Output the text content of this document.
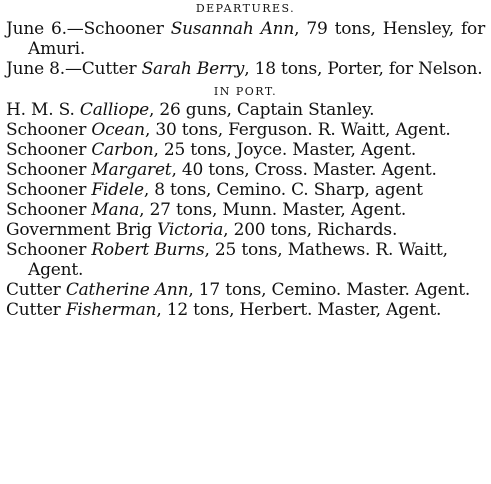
DEPARTURES.

June 6.—Schooner Susannah Ann, 79 tons, Hensley, for Amuri.

June 8.—Cutter Sarah Berry, 18 tons, Porter, for Nelson.

IN PORT.

H. M. S. Calliope, 26 guns, Captain Stanley.

Schooner Ocean, 30 tons, Ferguson. R. Waitt, Agent.

Schooner Carbon, 25 tons, Joyce. Master, Agent.

Schooner Margaret, 40 tons, Cross. Master. Agent.

Schooner Fidele, 8 tons, Cemino. C. Sharp, agent

Schooner Mana, 27 tons, Munn. Master, Agent.

Government Brig Victoria, 200 tons, Richards.

Schooner Robert Burns, 25 tons, Mathews. R. Waitt, Agent.

Cutter Catherine Ann, 17 tons, Cemino. Master. Agent.

Cutter Fisherman, 12 tons, Herbert. Master, Agent.
